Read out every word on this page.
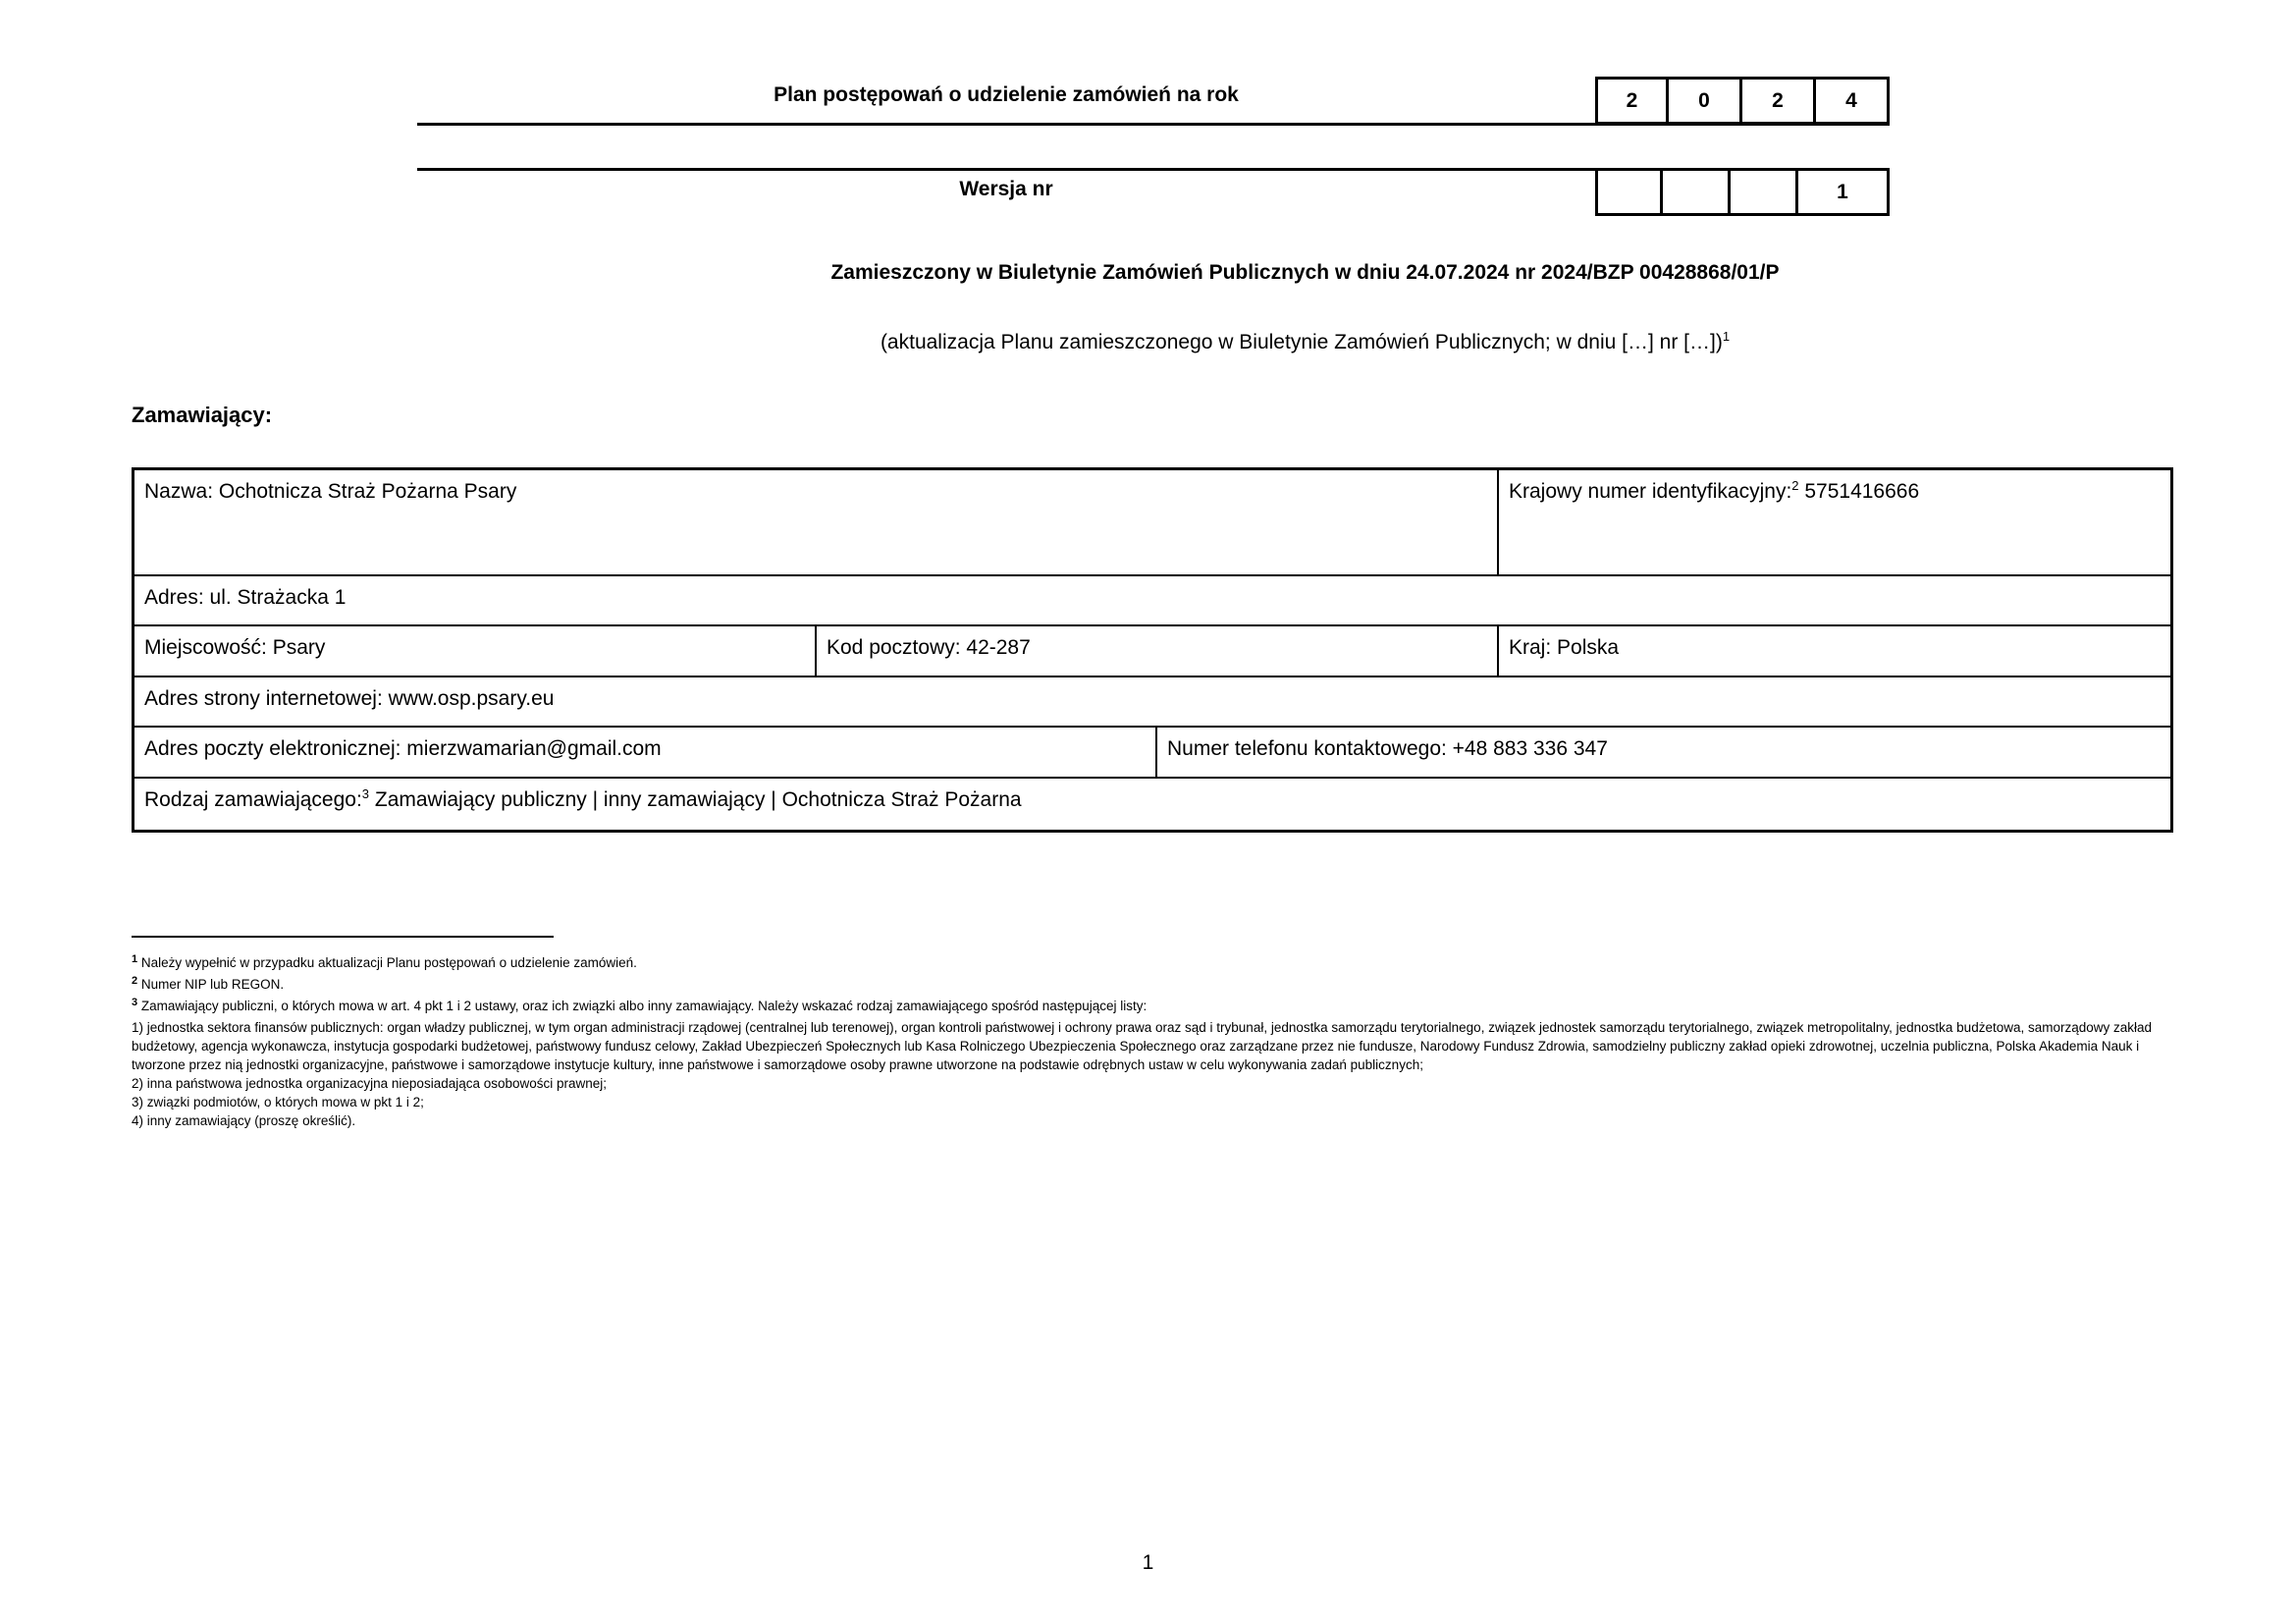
Plan postępowań o udzielenie zamówień na rok	2	0	2	4
Wersja nr	1
Zamieszczony w Biuletynie Zamówień Publicznych w dniu 24.07.2024 nr 2024/BZP 00428868/01/P
(aktualizacja Planu zamieszczonego w Biuletynie Zamówień Publicznych; w dniu […] nr […])$^1$
Zamawiający:
Nazwa: Ochotnicza Straż Pożarna Psary	Krajowy numer identyfikacyjny:$^2$ 5751416666
Adres: ul. Strażacka 1
Miejscowość: Psary	Kod pocztowy: 42-287	Kraj: Polska
Adres strony internetowej: www.osp.psary.eu
Adres poczty elektronicznej: mierzwamarian@gmail.com	Numer telefonu kontaktowego: +48 883 336 347
Rodzaj zamawiającego:$^3$ Zamawiający publiczny | inny zamawiający | Ochotnicza Straż Pożarna

$^1$ Należy wypełnić w przypadku aktualizacji Planu postępowań o udzielenie zamówień.

$^2$ Numer NIP lub REGON.

$^3$ Zamawiający publiczni, o których mowa w art. 4 pkt 1 i 2 ustawy, oraz ich związki albo inny zamawiający. Należy wskazać rodzaj zamawiającego spośród następującej listy:

1) jednostka sektora finansów publicznych: organ władzy publicznej, w tym organ administracji rządowej (centralnej lub terenowej), organ kontroli państwowej i ochrony prawa oraz sąd i trybunał, jednostka samorządu terytorialnego, związek jednostek samorządu terytorialnego, związek metropolitalny, jednostka budżetowa, samorządowy zakład budżetowy, agencja wykonawcza, instytucja gospodarki budżetowej, państwowy fundusz celowy, Zakład Ubezpieczeń Społecznych lub Kasa Rolniczego Ubezpieczenia Społecznego oraz zarządzane przez nie fundusze, Narodowy Fundusz Zdrowia, samodzielny publiczny zakład opieki zdrowotnej, uczelnia publiczna, Polska Akademia Nauk i tworzone przez nią jednostki organizacyjne, państwowe i samorządowe instytucje kultury, inne państwowe i samorządowe osoby prawne utworzone na podstawie odrębnych ustaw w celu wykonywania zadań publicznych;

2) inna państwowa jednostka organizacyjna nieposiadająca osobowości prawnej;

3) związki podmiotów, o których mowa w pkt 1 i 2;

4) inny zamawiający (proszę określić).

1
